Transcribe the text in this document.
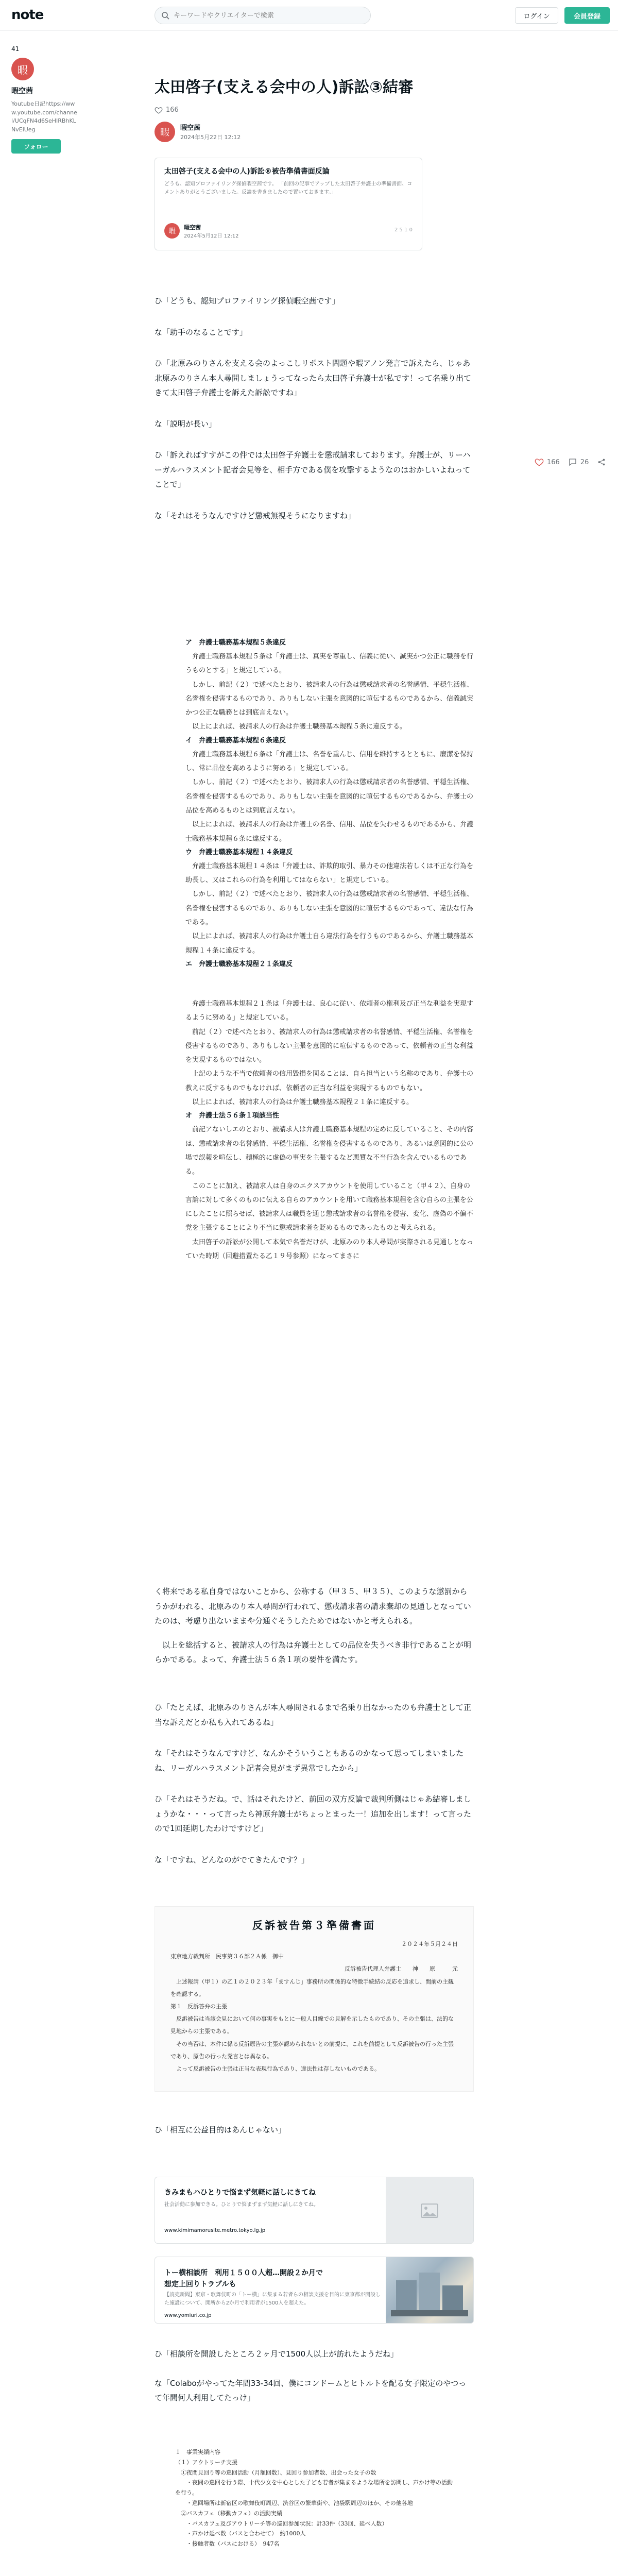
note
キーワードやクリエイターで検索	ログイン	会員登録
41
暇
暇空茜
Youtube日記https://www.youtube.com/channel/UCqFN4d6SeHIRBhKLNvEiUeg
フォロー
166	26
太田啓子(支える会中の人)訴訟③結審
166
暇 暇空茜
2024年5月22日 12:12
太田啓子(支える会中の人)訴訟®被告準備書面反論
どうも、認知プロファイリング探偵暇空茜です。 「前回の記事でアップした太田啓子弁護士の準備書面、コメントありがとうございました。反論を書きましたので置いておきます。」
暇 暇空茜
2024年5月12日 12:12
2 5 1 0

ひ「どうも、認知プロファイリング探偵暇空茜です」

な「助手のなることです」

ひ「北原みのりさんを支える会のよっこしリポスト問題や暇アノン発言で訴えたら、じゃあ北原みのりさん本人尋問しましょうってなったら太田啓子弁護士が私です！って名乗り出てきて太田啓子弁護士を訴えた訴訟ですね」

な「説明が長い」

ひ「訴えればすすがこの件では太田啓子弁護士を懲戒請求しております。弁護士が、リーハーガルハラスメント記者会見等を、相手方である僕を攻撃するようなのはおかしいよねってことで」

な「それはそうなんですけど懲戒無視そうになりますね」

ア　弁護士職務基本規程５条違反

弁護士職務基本規程５条は「弁護士は、真実を尊重し、信義に従い、誠実かつ公正に職務を行うものとする」と規定している。

しかし、前記（２）で述べたとおり、被請求人の行為は懲戒請求者の名誉感情、平穏生活権、名誉権を侵害するものであり、ありもしない主張を意図的に喧伝するものであるから、信義誠実かつ公正な職務とは到底言えない。

以上によれば、被請求人の行為は弁護士職務基本規程５条に違反する。

イ　弁護士職務基本規程６条違反

弁護士職務基本規程６条は「弁護士は、名誉を重んじ、信用を維持するとともに、廉潔を保持し、常に品位を高めるように努める」と規定している。

しかし、前記（２）で述べたとおり、被請求人の行為は懲戒請求者の名誉感情、平穏生活権、名誉権を侵害するものであり、ありもしない主張を意図的に喧伝するものであるから、弁護士の品位を高めるものとは到底言えない。

以上によれば、被請求人の行為は弁護士の名誉、信用、品位を失わせるものであるから、弁護士職務基本規程６条に違反する。

ウ　弁護士職務基本規程１４条違反

弁護士職務基本規程１４条は「弁護士は、詐欺的取引、暴力その他違法若しくは不正な行為を助長し、又はこれらの行為を利用してはならない」と規定している。

しかし、前記（２）で述べたとおり、被請求人の行為は懲戒請求者の名誉感情、平穏生活権、名誉権を侵害するものであり、ありもしない主張を意図的に喧伝するものであって、違法な行為である。

以上によれば、被請求人の行為は弁護士自ら違法行為を行うものであるから、弁護士職務基本規程１４条に違反する。

エ　弁護士職務基本規程２１条違反

弁護士職務基本規程２１条は「弁護士は、良心に従い、依頼者の権利及び正当な利益を実現するように努める」と規定している。

前記（２）で述べたとおり、被請求人の行為は懲戒請求者の名誉感情、平穏生活権、名誉権を侵害するものであり、ありもしない主張を意図的に喧伝するものであって、依頼者の正当な利益を実現するものではない。

上記のような不当で依頼者の信用毀損を図ることは、自ら担当という名称のであり、弁護士の教えに反するものでもなければ、依頼者の正当な利益を実現するものでもない。

以上によれば、被請求人の行為は弁護士職務基本規程２１条に違反する。

オ　弁護士法５６条１項該当性

前記アないしエのとおり、被請求人は弁護士職務基本規程の定めに反していること、その内容は、懲戒請求者の名誉感情、平穏生活権、名誉権を侵害するものであり、あるいは意図的に公の場で誤報を喧伝し、積極的に虚偽の事実を主張するなど悪質な不当行為を含んでいるものである。

このことに加え、被請求人は自身のエクスアカウントを使用していること（甲４２）、自身の言論に対して多くのものに伝える自らのアカウントを用いて職務基本規程を含む自らの主張を公にしたことに照らせば、被請求人は職員を通じ懲戒請求者の名誉権を侵害、変化、虚偽の不偏不党を主張することにより不当に懲戒請求者を貶めるものであったものと考えられる。

太田啓子の訴訟が公開して本気で名誉だけが、北原みのり本人尋問が実際される見通しとなっていた時期（回避措置たる乙１９号参照）になってまさに

く将来である私自身ではないことから、公称する（甲３５、甲３５）、このような懲罰からうかがわれる、北原みのり本人尋問が行われて、懲戒請求者の請求棄却の見通しとなっていたのは、考慮り出ないままや分通ぐそうしたためではないかと考えられる。

以上を総括すると、被請求人の行為は弁護士としての品位を失うべき非行であることが明らかである。よって、弁護士法５６条１項の要件を満たす。

ひ「たとえば、北原みのりさんが本人尋問されるまで名乗り出なかったのも弁護士として正当な訴えだとか私も入れてあるね」

な「それはそうなんですけど、なんかそういうこともあるのかなって思ってしまいましたね、リーガルハラスメント記者会見がまず異常でしたから」

ひ「それはそうだね。で、話はそれたけど、前回の双方反論で裁判所側はじゃあ結審しましょうかな・・・って言ったら神原弁護士がちょっとまった一！追加を出します！って言ったので1回延期したわけですけど」

な「ですね、どんなのがでてきたんです？」

反訴被告第３準備書面
２０２４年５月２４日
東京地方裁判所　民事第３６部２Ａ係　御中
反訴被告代理人弁護士　　神　　原　　　元
　上述報請（甲１）の乙１の２０２３年「ますんじ」事務所の関係的な特徴手続結の反応を追求し、間前の主観を確認する。
第１　反訴答弁の主張
　反訴被告は当該会見において何の事実をもとに一般人目線での見解を示したものであり、その主張は、法的な見地からの主張である。
　その当否は、本件に係る反訴原告の主張が認められないとの前提に、これを前提として反訴被告の行った主張であり、原告の行った発言とは異なる。
　よって反訴被告の主張は正当な表現行為であり、違法性は存しないものである。

ひ「相互に公益目的はあんじゃない」

きみまもハひとりで悩まず気軽に話しにきてね
社会活動に参加できる。ひとりで悩まずまず気軽に話しにきてね。
www.kimimamorusite.metro.tokyo.lg.jp
トー横相談所　利用１５００人超…開設２か月で
想定上回りトラブルも
【読売新聞】東京・歌舞伎町の「トー横」に集まる若者らの相談支援を目的に東京都が開設した施設について、開所から2か月で利用者が1500人を超えた。
www.yomiuri.co.jp

ひ「相談所を開設したところ２ヶ月で1500人以上が訪れたようだね」

な「Colaboがやってた年間33-34回、僕にコンドームとヒトルトを配る女子限定のやつって年間何人利用してたっけ」

１　事業実績内容
（１）アウトリーチ支援
　①夜間見回り等の巡回活動（月額回数）、見回り参加者数、出会った女子の数
　　・夜間の巡回を行う際、十代少女を中心とした子ども若者が集まるような場所を訪問し、声かけ等の活動を行う。
　　・巡回場所は新宿区の歌舞伎町周辺、渋谷区の繁華街や、池袋駅周辺のほか、その他各地
　②バスカフェ（移動カフェ）の活動実績
　　・バスカフェ及びアウトリーチ等の巡回参加状況：計33件（33回、延べ人数）
　　・声かけ延べ数（バスと合わせて）　約1000人
　　・接触者数（バスにおける）　947名
